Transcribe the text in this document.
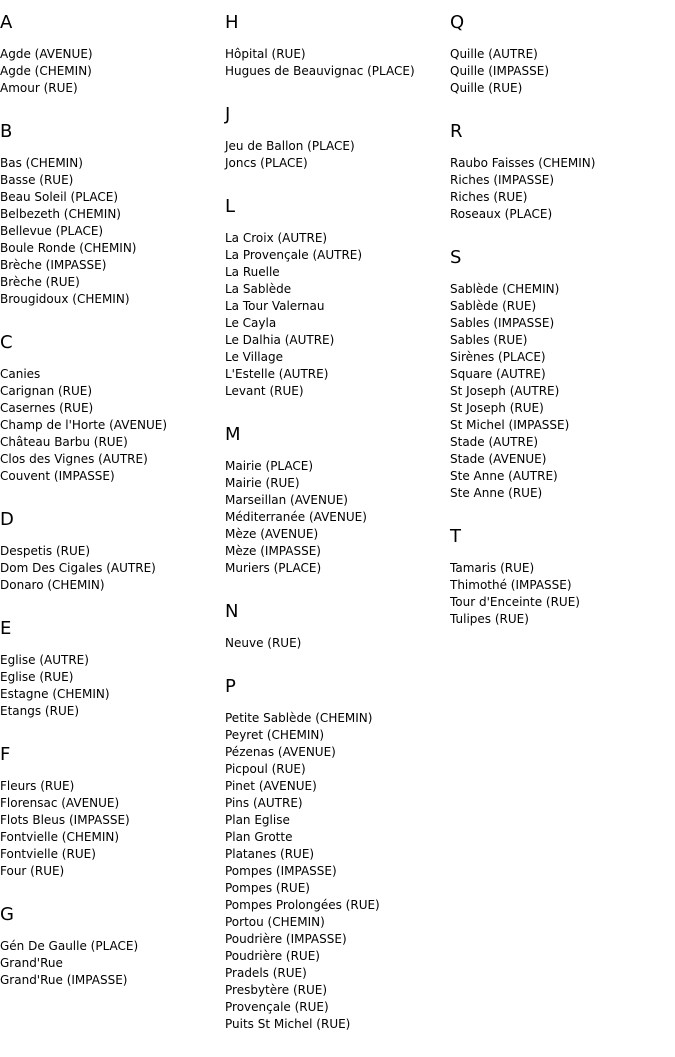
A
Agde (AVENUE)
Agde (CHEMIN)
Amour (RUE)
B
Bas (CHEMIN)
Basse (RUE)
Beau Soleil (PLACE)
Belbezeth (CHEMIN)
Bellevue (PLACE)
Boule Ronde (CHEMIN)
Brèche (IMPASSE)
Brèche (RUE)
Brougidoux (CHEMIN)
C
Canies
Carignan (RUE)
Casernes (RUE)
Champ de l'Horte (AVENUE)
Château Barbu (RUE)
Clos des Vignes (AUTRE)
Couvent (IMPASSE)
D
Despetis (RUE)
Dom Des Cigales (AUTRE)
Donaro (CHEMIN)
E
Eglise (AUTRE)
Eglise (RUE)
Estagne (CHEMIN)
Etangs (RUE)
F
Fleurs (RUE)
Florensac (AVENUE)
Flots Bleus (IMPASSE)
Fontvielle (CHEMIN)
Fontvielle (RUE)
Four (RUE)
G
Gén De Gaulle (PLACE)
Grand'Rue
Grand'Rue (IMPASSE)
H
Hôpital (RUE)
Hugues de Beauvignac (PLACE)
J
Jeu de Ballon (PLACE)
Joncs (PLACE)
L
La Croix (AUTRE)
La Provençale (AUTRE)
La Ruelle
La Sablède
La Tour Valernau
Le Cayla
Le Dalhia (AUTRE)
Le Village
L'Estelle (AUTRE)
Levant (RUE)
M
Mairie (PLACE)
Mairie (RUE)
Marseillan (AVENUE)
Méditerranée (AVENUE)
Mèze (AVENUE)
Mèze (IMPASSE)
Muriers (PLACE)
N
Neuve (RUE)
P
Petite Sablède (CHEMIN)
Peyret (CHEMIN)
Pézenas (AVENUE)
Picpoul (RUE)
Pinet (AVENUE)
Pins (AUTRE)
Plan Eglise
Plan Grotte
Platanes (RUE)
Pompes (IMPASSE)
Pompes (RUE)
Pompes Prolongées (RUE)
Portou (CHEMIN)
Poudrière (IMPASSE)
Poudrière (RUE)
Pradels (RUE)
Presbytère (RUE)
Provençale (RUE)
Puits St Michel (RUE)
Q
Quille (AUTRE)
Quille (IMPASSE)
Quille (RUE)
R
Raubo Faisses (CHEMIN)
Riches (IMPASSE)
Riches (RUE)
Roseaux (PLACE)
S
Sablède (CHEMIN)
Sablède (RUE)
Sables (IMPASSE)
Sables (RUE)
Sirènes (PLACE)
Square (AUTRE)
St Joseph (AUTRE)
St Joseph (RUE)
St Michel (IMPASSE)
Stade (AUTRE)
Stade (AVENUE)
Ste Anne (AUTRE)
Ste Anne (RUE)
T
Tamaris (RUE)
Thimothé (IMPASSE)
Tour d'Enceinte (RUE)
Tulipes (RUE)
